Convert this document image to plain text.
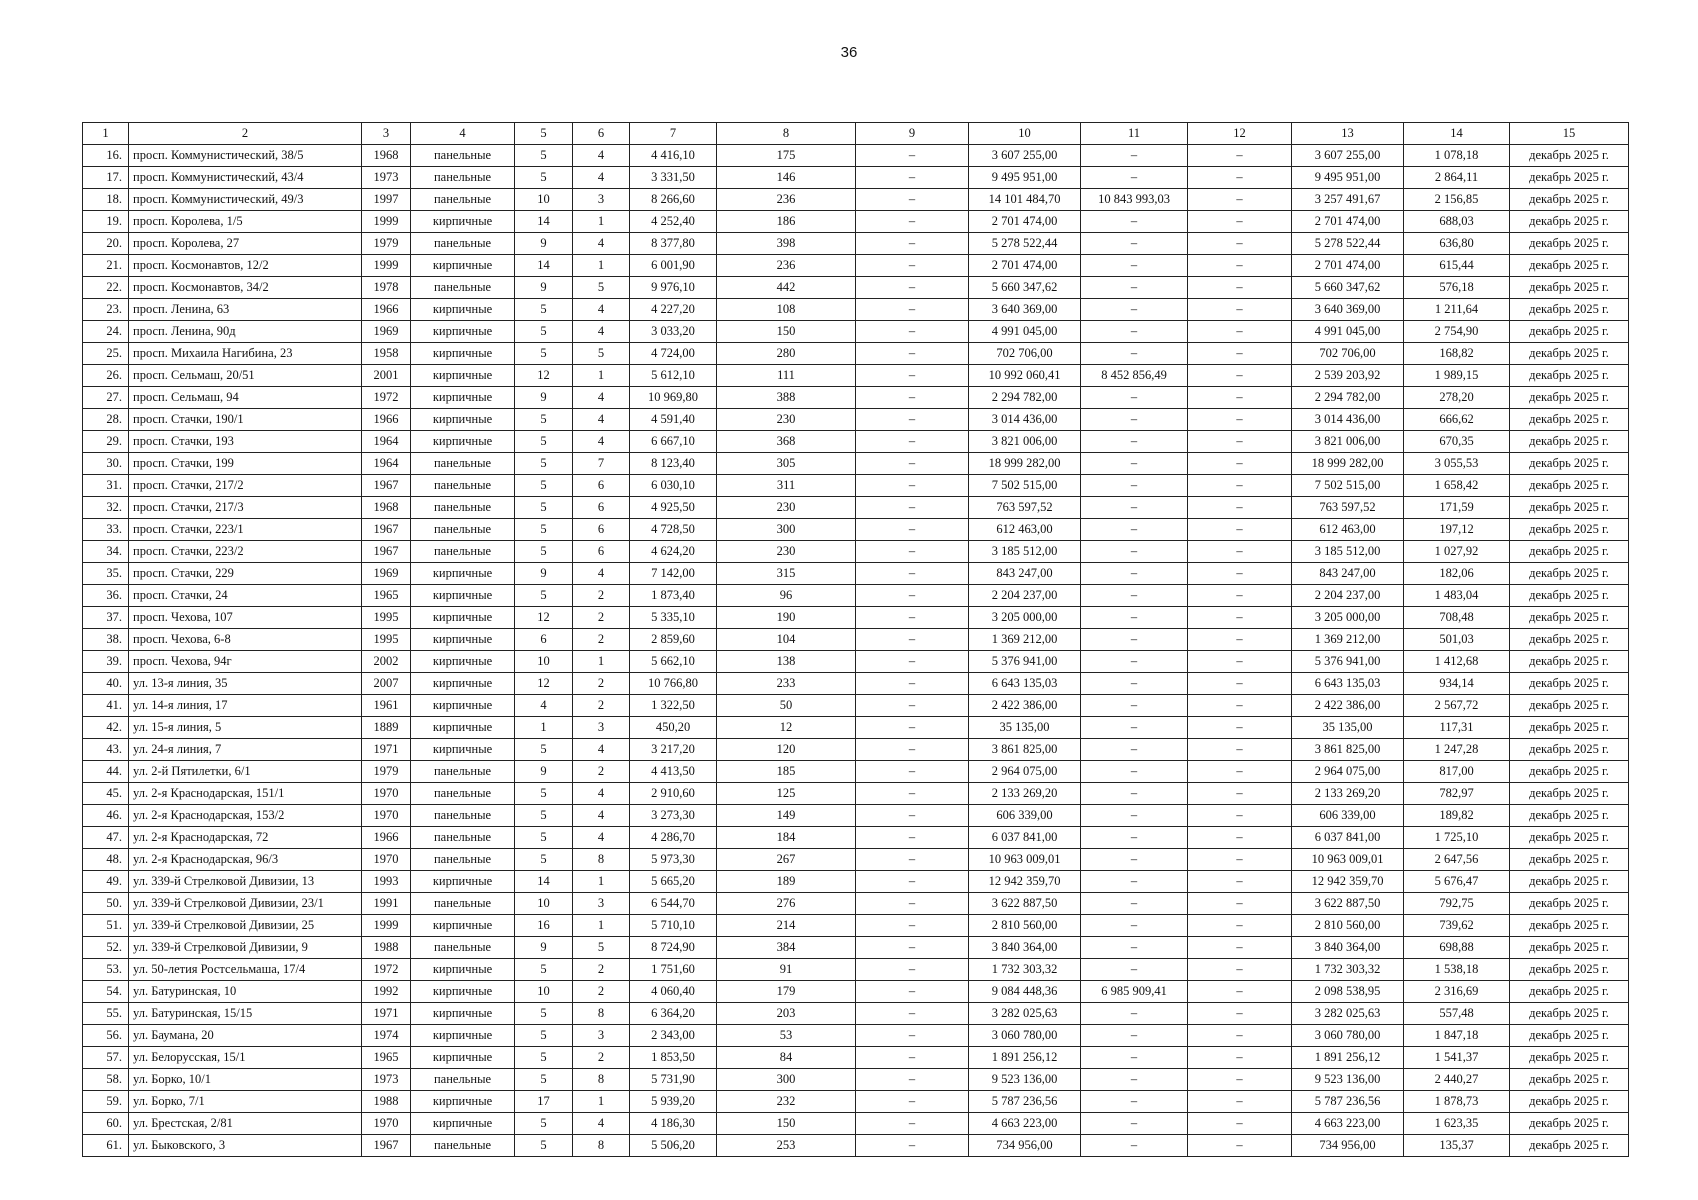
36
1	2	3	4	5	6	7	8	9	10	11	12	13	14	15
16.	просп. Коммунистический, 38/5	1968	панельные	5	4	4 416,10	175	–	3 607 255,00	–	–	3 607 255,00	1 078,18	декабрь 2025 г.
17.	просп. Коммунистический, 43/4	1973	панельные	5	4	3 331,50	146	–	9 495 951,00	–	–	9 495 951,00	2 864,11	декабрь 2025 г.
18.	просп. Коммунистический, 49/3	1997	панельные	10	3	8 266,60	236	–	14 101 484,70	10 843 993,03	–	3 257 491,67	2 156,85	декабрь 2025 г.
19.	просп. Королева, 1/5	1999	кирпичные	14	1	4 252,40	186	–	2 701 474,00	–	–	2 701 474,00	688,03	декабрь 2025 г.
20.	просп. Королева, 27	1979	панельные	9	4	8 377,80	398	–	5 278 522,44	–	–	5 278 522,44	636,80	декабрь 2025 г.
21.	просп. Космонавтов, 12/2	1999	кирпичные	14	1	6 001,90	236	–	2 701 474,00	–	–	2 701 474,00	615,44	декабрь 2025 г.
22.	просп. Космонавтов, 34/2	1978	панельные	9	5	9 976,10	442	–	5 660 347,62	–	–	5 660 347,62	576,18	декабрь 2025 г.
23.	просп. Ленина, 63	1966	кирпичные	5	4	4 227,20	108	–	3 640 369,00	–	–	3 640 369,00	1 211,64	декабрь 2025 г.
24.	просп. Ленина, 90д	1969	кирпичные	5	4	3 033,20	150	–	4 991 045,00	–	–	4 991 045,00	2 754,90	декабрь 2025 г.
25.	просп. Михаила Нагибина, 23	1958	кирпичные	5	5	4 724,00	280	–	702 706,00	–	–	702 706,00	168,82	декабрь 2025 г.
26.	просп. Сельмаш, 20/51	2001	кирпичные	12	1	5 612,10	111	–	10 992 060,41	8 452 856,49	–	2 539 203,92	1 989,15	декабрь 2025 г.
27.	просп. Сельмаш, 94	1972	кирпичные	9	4	10 969,80	388	–	2 294 782,00	–	–	2 294 782,00	278,20	декабрь 2025 г.
28.	просп. Стачки, 190/1	1966	кирпичные	5	4	4 591,40	230	–	3 014 436,00	–	–	3 014 436,00	666,62	декабрь 2025 г.
29.	просп. Стачки, 193	1964	кирпичные	5	4	6 667,10	368	–	3 821 006,00	–	–	3 821 006,00	670,35	декабрь 2025 г.
30.	просп. Стачки, 199	1964	панельные	5	7	8 123,40	305	–	18 999 282,00	–	–	18 999 282,00	3 055,53	декабрь 2025 г.
31.	просп. Стачки, 217/2	1967	панельные	5	6	6 030,10	311	–	7 502 515,00	–	–	7 502 515,00	1 658,42	декабрь 2025 г.
32.	просп. Стачки, 217/3	1968	панельные	5	6	4 925,50	230	–	763 597,52	–	–	763 597,52	171,59	декабрь 2025 г.
33.	просп. Стачки, 223/1	1967	панельные	5	6	4 728,50	300	–	612 463,00	–	–	612 463,00	197,12	декабрь 2025 г.
34.	просп. Стачки, 223/2	1967	панельные	5	6	4 624,20	230	–	3 185 512,00	–	–	3 185 512,00	1 027,92	декабрь 2025 г.
35.	просп. Стачки, 229	1969	кирпичные	9	4	7 142,00	315	–	843 247,00	–	–	843 247,00	182,06	декабрь 2025 г.
36.	просп. Стачки, 24	1965	кирпичные	5	2	1 873,40	96	–	2 204 237,00	–	–	2 204 237,00	1 483,04	декабрь 2025 г.
37.	просп. Чехова, 107	1995	кирпичные	12	2	5 335,10	190	–	3 205 000,00	–	–	3 205 000,00	708,48	декабрь 2025 г.
38.	просп. Чехова, 6-8	1995	кирпичные	6	2	2 859,60	104	–	1 369 212,00	–	–	1 369 212,00	501,03	декабрь 2025 г.
39.	просп. Чехова, 94г	2002	кирпичные	10	1	5 662,10	138	–	5 376 941,00	–	–	5 376 941,00	1 412,68	декабрь 2025 г.
40.	ул. 13-я линия, 35	2007	кирпичные	12	2	10 766,80	233	–	6 643 135,03	–	–	6 643 135,03	934,14	декабрь 2025 г.
41.	ул. 14-я линия, 17	1961	кирпичные	4	2	1 322,50	50	–	2 422 386,00	–	–	2 422 386,00	2 567,72	декабрь 2025 г.
42.	ул. 15-я линия, 5	1889	кирпичные	1	3	450,20	12	–	35 135,00	–	–	35 135,00	117,31	декабрь 2025 г.
43.	ул. 24-я линия, 7	1971	кирпичные	5	4	3 217,20	120	–	3 861 825,00	–	–	3 861 825,00	1 247,28	декабрь 2025 г.
44.	ул. 2-й Пятилетки, 6/1	1979	панельные	9	2	4 413,50	185	–	2 964 075,00	–	–	2 964 075,00	817,00	декабрь 2025 г.
45.	ул. 2-я Краснодарская, 151/1	1970	панельные	5	4	2 910,60	125	–	2 133 269,20	–	–	2 133 269,20	782,97	декабрь 2025 г.
46.	ул. 2-я Краснодарская, 153/2	1970	панельные	5	4	3 273,30	149	–	606 339,00	–	–	606 339,00	189,82	декабрь 2025 г.
47.	ул. 2-я Краснодарская, 72	1966	панельные	5	4	4 286,70	184	–	6 037 841,00	–	–	6 037 841,00	1 725,10	декабрь 2025 г.
48.	ул. 2-я Краснодарская, 96/3	1970	панельные	5	8	5 973,30	267	–	10 963 009,01	–	–	10 963 009,01	2 647,56	декабрь 2025 г.
49.	ул. 339-й Стрелковой Дивизии, 13	1993	кирпичные	14	1	5 665,20	189	–	12 942 359,70	–	–	12 942 359,70	5 676,47	декабрь 2025 г.
50.	ул. 339-й Стрелковой Дивизии, 23/1	1991	панельные	10	3	6 544,70	276	–	3 622 887,50	–	–	3 622 887,50	792,75	декабрь 2025 г.
51.	ул. 339-й Стрелковой Дивизии, 25	1999	кирпичные	16	1	5 710,10	214	–	2 810 560,00	–	–	2 810 560,00	739,62	декабрь 2025 г.
52.	ул. 339-й Стрелковой Дивизии, 9	1988	панельные	9	5	8 724,90	384	–	3 840 364,00	–	–	3 840 364,00	698,88	декабрь 2025 г.
53.	ул. 50-летия Ростсельмаша, 17/4	1972	кирпичные	5	2	1 751,60	91	–	1 732 303,32	–	–	1 732 303,32	1 538,18	декабрь 2025 г.
54.	ул. Батуринская, 10	1992	кирпичные	10	2	4 060,40	179	–	9 084 448,36	6 985 909,41	–	2 098 538,95	2 316,69	декабрь 2025 г.
55.	ул. Батуринская, 15/15	1971	кирпичные	5	8	6 364,20	203	–	3 282 025,63	–	–	3 282 025,63	557,48	декабрь 2025 г.
56.	ул. Баумана, 20	1974	кирпичные	5	3	2 343,00	53	–	3 060 780,00	–	–	3 060 780,00	1 847,18	декабрь 2025 г.
57.	ул. Белорусская, 15/1	1965	кирпичные	5	2	1 853,50	84	–	1 891 256,12	–	–	1 891 256,12	1 541,37	декабрь 2025 г.
58.	ул. Борко, 10/1	1973	панельные	5	8	5 731,90	300	–	9 523 136,00	–	–	9 523 136,00	2 440,27	декабрь 2025 г.
59.	ул. Борко, 7/1	1988	кирпичные	17	1	5 939,20	232	–	5 787 236,56	–	–	5 787 236,56	1 878,73	декабрь 2025 г.
60.	ул. Брестская, 2/81	1970	кирпичные	5	4	4 186,30	150	–	4 663 223,00	–	–	4 663 223,00	1 623,35	декабрь 2025 г.
61.	ул. Быковского, 3	1967	панельные	5	8	5 506,20	253	–	734 956,00	–	–	734 956,00	135,37	декабрь 2025 г.
